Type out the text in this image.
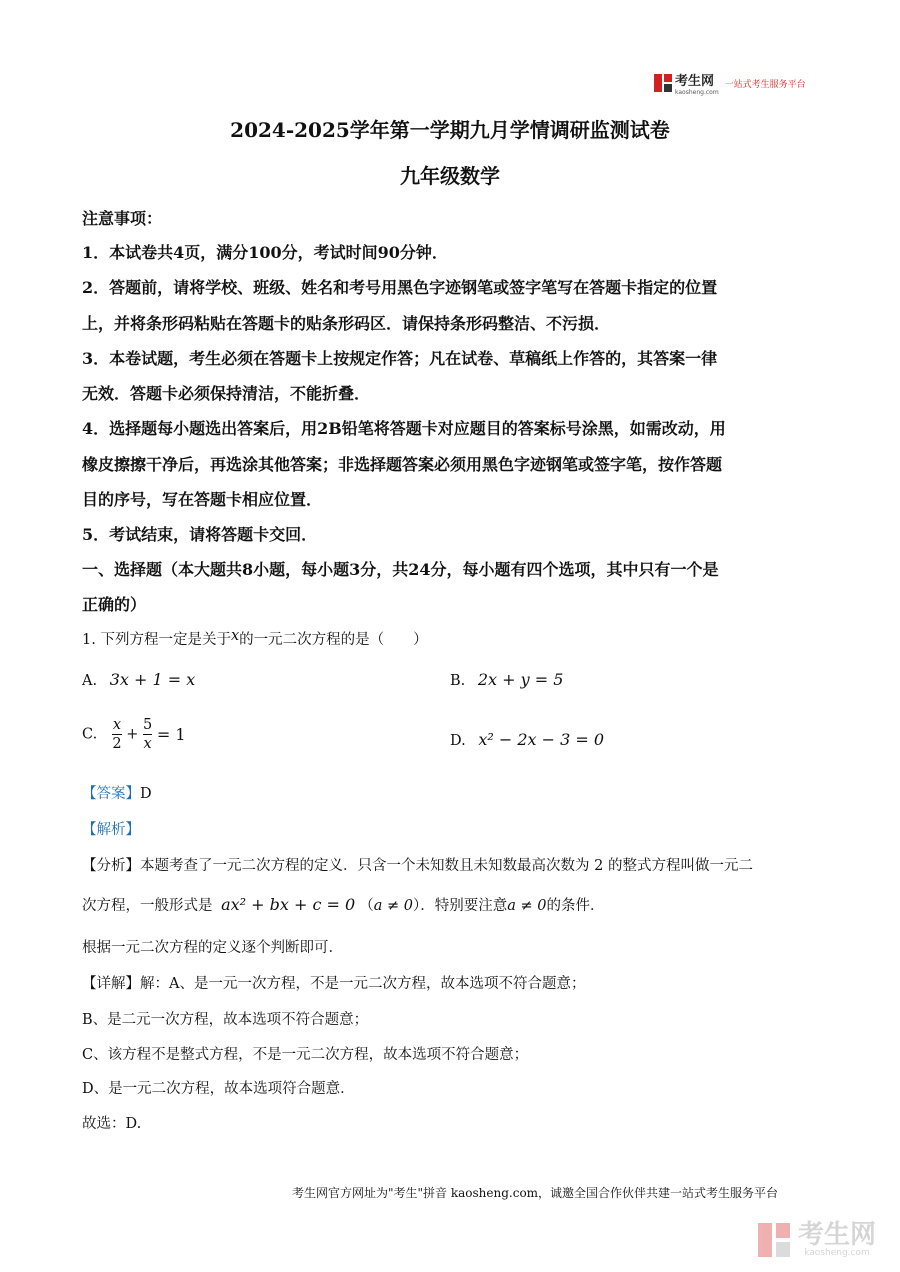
考生网
kaosheng.com
一站式考生服务平台
2024-2025学年第一学期九月学情调研监测试卷
九年级数学
注意事项：
1．本试卷共4页，满分100分，考试时间90分钟．
2．答题前，请将学校、班级、姓名和考号用黑色字迹钢笔或签字笔写在答题卡指定的位置
上，并将条形码粘贴在答题卡的贴条形码区．请保持条形码整洁、不污损．
3．本卷试题，考生必须在答题卡上按规定作答；凡在试卷、草稿纸上作答的，其答案一律
无效．答题卡必须保持清洁，不能折叠．
4．选择题每小题选出答案后，用2B铅笔将答题卡对应题目的答案标号涂黑，如需改动，用
橡皮擦擦干净后，再选涂其他答案；非选择题答案必须用黑色字迹钢笔或签字笔，按作答题
目的序号，写在答题卡相应位置．
5．考试结束，请将答题卡交回．
一、选择题（本大题共8小题，每小题3分，共24分，每小题有四个选项，其中只有一个是
正确的）
1. 下列方程一定是关于x的一元二次方程的是（　　）
A. 3x + 1 = x	B. 2x + y = 5
C. $\frac{x}{2} + \frac{5}{x} = 1$	D. x² − 2x − 3 = 0
【答案】D
【解析】
【分析】本题考查了一元二次方程的定义．只含一个未知数且未知数最高次数为 2 的整式方程叫做一元二
次方程，一般形式是 ax² + bx + c = 0 （a ≠ 0）．特别要注意a ≠ 0的条件．
根据一元二次方程的定义逐个判断即可．
【详解】解：A、是一元一次方程，不是一元二次方程，故本选项不符合题意；
B、是二元一次方程，故本选项不符合题意；
C、该方程不是整式方程，不是一元二次方程，故本选项不符合题意；
D、是一元二次方程，故本选项符合题意．
故选：D.
考生网官方网址为"考生"拼音 kaosheng.com，诚邀全国合作伙伴共建一站式考生服务平台
考生网
kaosheng.com
